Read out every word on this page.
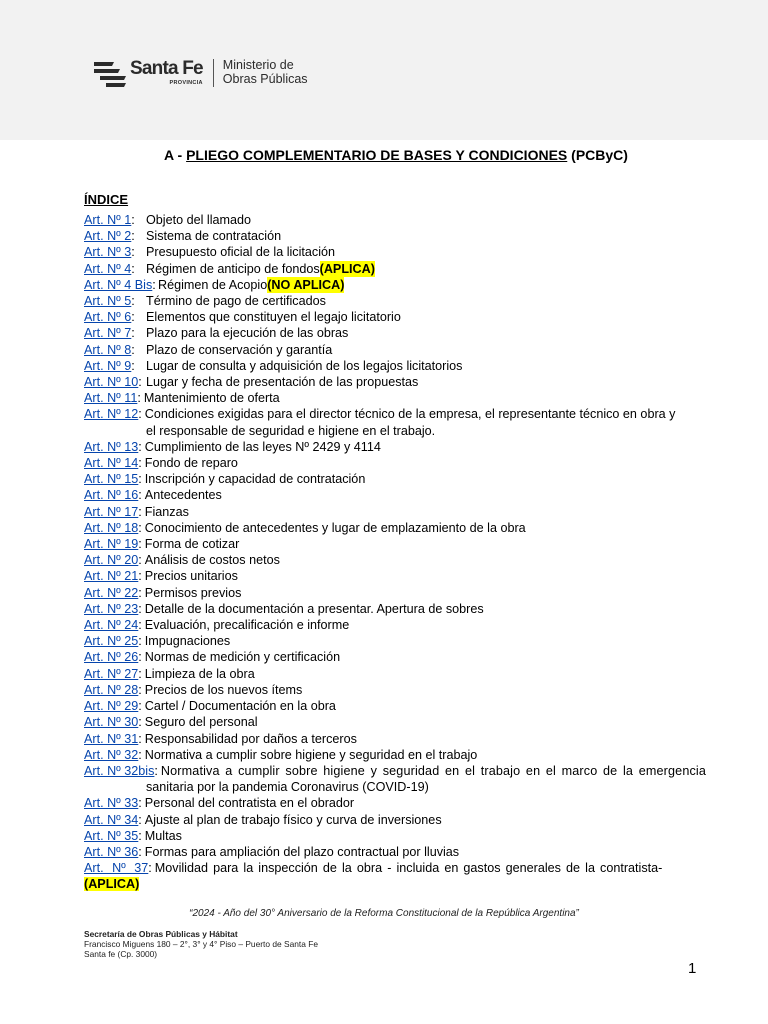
Santa Fe
PROVINCIA
Ministerio de
Obras Públicas
A - PLIEGO COMPLEMENTARIO DE BASES Y CONDICIONES (PCByC)
ÍNDICE
Art. Nº 1: Objeto del llamado
Art. Nº 2: Sistema de contratación
Art. Nº 3: Presupuesto oficial de la licitación
Art. Nº 4: Régimen de anticipo de fondos (APLICA)
Art. Nº 4 Bis: Régimen de Acopio (NO APLICA)
Art. Nº 5: Término de pago de certificados
Art. Nº 6: Elementos que constituyen el legajo licitatorio
Art. Nº 7: Plazo para la ejecución de las obras
Art. Nº 8: Plazo de conservación y garantía
Art. Nº 9: Lugar de consulta y adquisición de los legajos licitatorios
Art. Nº 10: Lugar y fecha de presentación de las propuestas
Art. Nº 11: Mantenimiento de oferta
Art. Nº 12: Condiciones exigidas para el director técnico de la empresa, el representante técnico en obra y
el responsable de seguridad e higiene en el trabajo.
Art. Nº 13: Cumplimiento de las leyes Nº 2429 y 4114
Art. Nº 14: Fondo de reparo
Art. Nº 15: Inscripción y capacidad de contratación
Art. Nº 16: Antecedentes
Art. Nº 17: Fianzas
Art. Nº 18: Conocimiento de antecedentes y lugar de emplazamiento de la obra
Art. Nº 19: Forma de cotizar
Art. Nº 20: Análisis de costos netos
Art. Nº 21: Precios unitarios
Art. Nº 22: Permisos previos
Art. Nº 23: Detalle de la documentación a presentar. Apertura de sobres
Art. Nº 24: Evaluación, precalificación e informe
Art. Nº 25: Impugnaciones
Art. Nº 26: Normas de medición y certificación
Art. Nº 27: Limpieza de la obra
Art. Nº 28: Precios de los nuevos ítems
Art. Nº 29: Cartel / Documentación en la obra
Art. Nº 30: Seguro del personal
Art. Nº 31: Responsabilidad por daños a terceros
Art. Nº 32: Normativa a cumplir sobre higiene y seguridad en el trabajo
Art. Nº 32bis: Normativa a cumplir sobre higiene y seguridad en el trabajo en el marco de la emergencia
sanitaria por la pandemia Coronavirus (COVID-19)
Art. Nº 33: Personal del contratista en el obrador
Art. Nº 34: Ajuste al plan de trabajo físico y curva de inversiones
Art. Nº 35: Multas
Art. Nº 36: Formas para ampliación del plazo contractual por lluvias
Art. Nº 37: Movilidad para la inspección de la obra - incluida en gastos generales de la contratista-
(APLICA)
“2024 - Año del 30° Aniversario de la Reforma Constitucional de la República Argentina”
Secretaría de Obras Públicas y Hábitat
Francisco Miguens 180 – 2°, 3° y 4° Piso – Puerto de Santa Fe
Santa fe (Cp. 3000)
1
